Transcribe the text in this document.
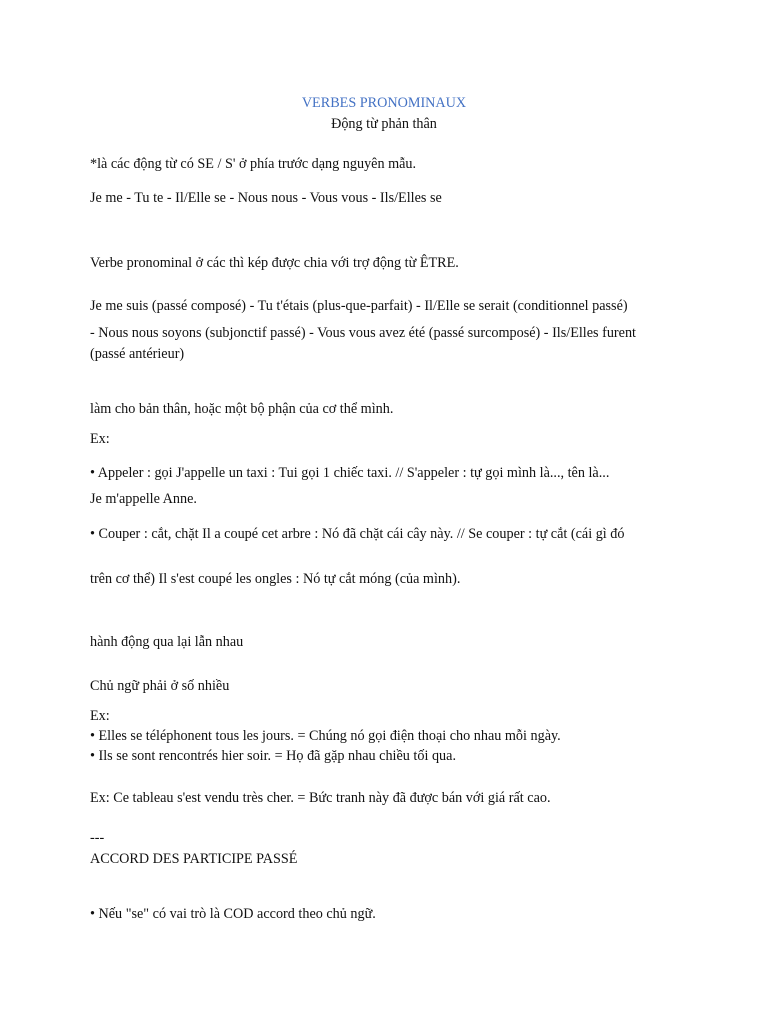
VERBES PRONOMINAUX
Động từ phản thân
*là các động từ có SE / S' ở phía trước dạng nguyên mẫu.
Je me - Tu te - Il/Elle se - Nous nous - Vous vous - Ils/Elles se
Verbe pronominal ở các thì kép được chia với trợ động từ ÊTRE.
Je me suis (passé composé) - Tu t'étais (plus-que-parfait) - Il/Elle se serait (conditionnel passé)
- Nous nous soyons (subjonctif passé) - Vous vous avez été (passé surcomposé) - Ils/Elles furent
(passé antérieur)
làm cho bản thân, hoặc một bộ phận của cơ thể mình.
Ex:
• Appeler : gọi J'appelle un taxi : Tui gọi 1 chiếc taxi. // S'appeler : tự gọi mình là..., tên là...
Je m'appelle Anne.
• Couper : cắt, chặt Il a coupé cet arbre : Nó đã chặt cái cây này. // Se couper : tự cắt (cái gì đó
trên cơ thể) Il s'est coupé les ongles : Nó tự cắt móng (của mình).
hành động qua lại lẫn nhau
Chủ ngữ phải ở số nhiều
Ex:
• Elles se téléphonent tous les jours. = Chúng nó gọi điện thoại cho nhau mỗi ngày.
• Ils se sont rencontrés hier soir. = Họ đã gặp nhau chiều tối qua.
Ex: Ce tableau s'est vendu très cher. = Bức tranh này đã được bán với giá rất cao.
---
ACCORD DES PARTICIPE PASSÉ
• Nếu "se" có vai trò là COD accord theo chủ ngữ.
